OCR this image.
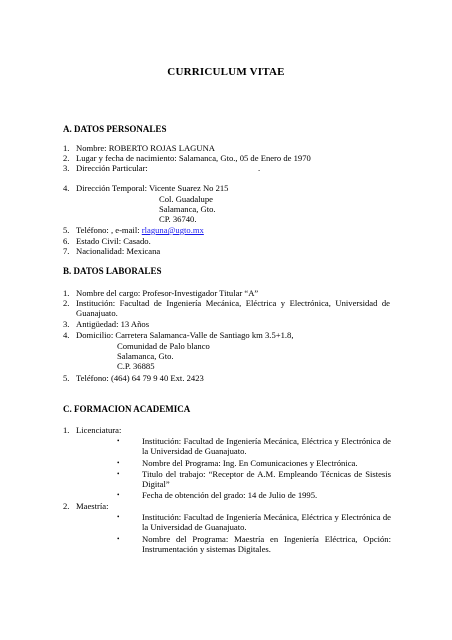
CURRICULUM VITAE
A. DATOS PERSONALES
1. Nombre: ROBERTO ROJAS LAGUNA
2. Lugar y fecha de nacimiento: Salamanca, Gto., 05 de Enero de 1970
3. Dirección Particular:	.
4. Dirección Temporal: Vicente Suarez No 215
Col. Guadalupe
Salamanca, Gto.
CP. 36740.
5. Teléfono: , e-mail: rlaguna@ugto.mx
6. Estado Civil: Casado.
7. Nacionalidad: Mexicana
B. DATOS LABORALES
1. Nombre del cargo: Profesor-Investigador Titular “A”
2. Institución: Facultad de Ingeniería Mecánica, Eléctrica y Electrónica, Universidad de Guanajuato.
3. Antigüedad: 13 Años
4. Domicilio: Carretera Salamanca-Valle de Santiago km 3.5+1.8,
Comunidad de Palo blanco
Salamanca, Gto.
C.P. 36885
5. Teléfono: (464) 64 79 9 40 Ext. 2423
C. FORMACION ACADEMICA
1. Licenciatura:
•	Institución: Facultad de Ingeniería Mecánica, Eléctrica y Electrónica de la Universidad de Guanajuato.
•	Nombre del Programa: Ing. En Comunicaciones y Electrónica.
•	Titulo del trabajo: “Receptor de A.M. Empleando Técnicas de Sistesis Digital”
•	Fecha de obtención del grado: 14 de Julio de 1995.
2. Maestría:
•	Institución: Facultad de Ingeniería Mecánica, Eléctrica y Electrónica de la Universidad de Guanajuato.
•	Nombre del Programa: Maestría en Ingeniería Eléctrica, Opción: Instrumentación y sistemas Digitales.
